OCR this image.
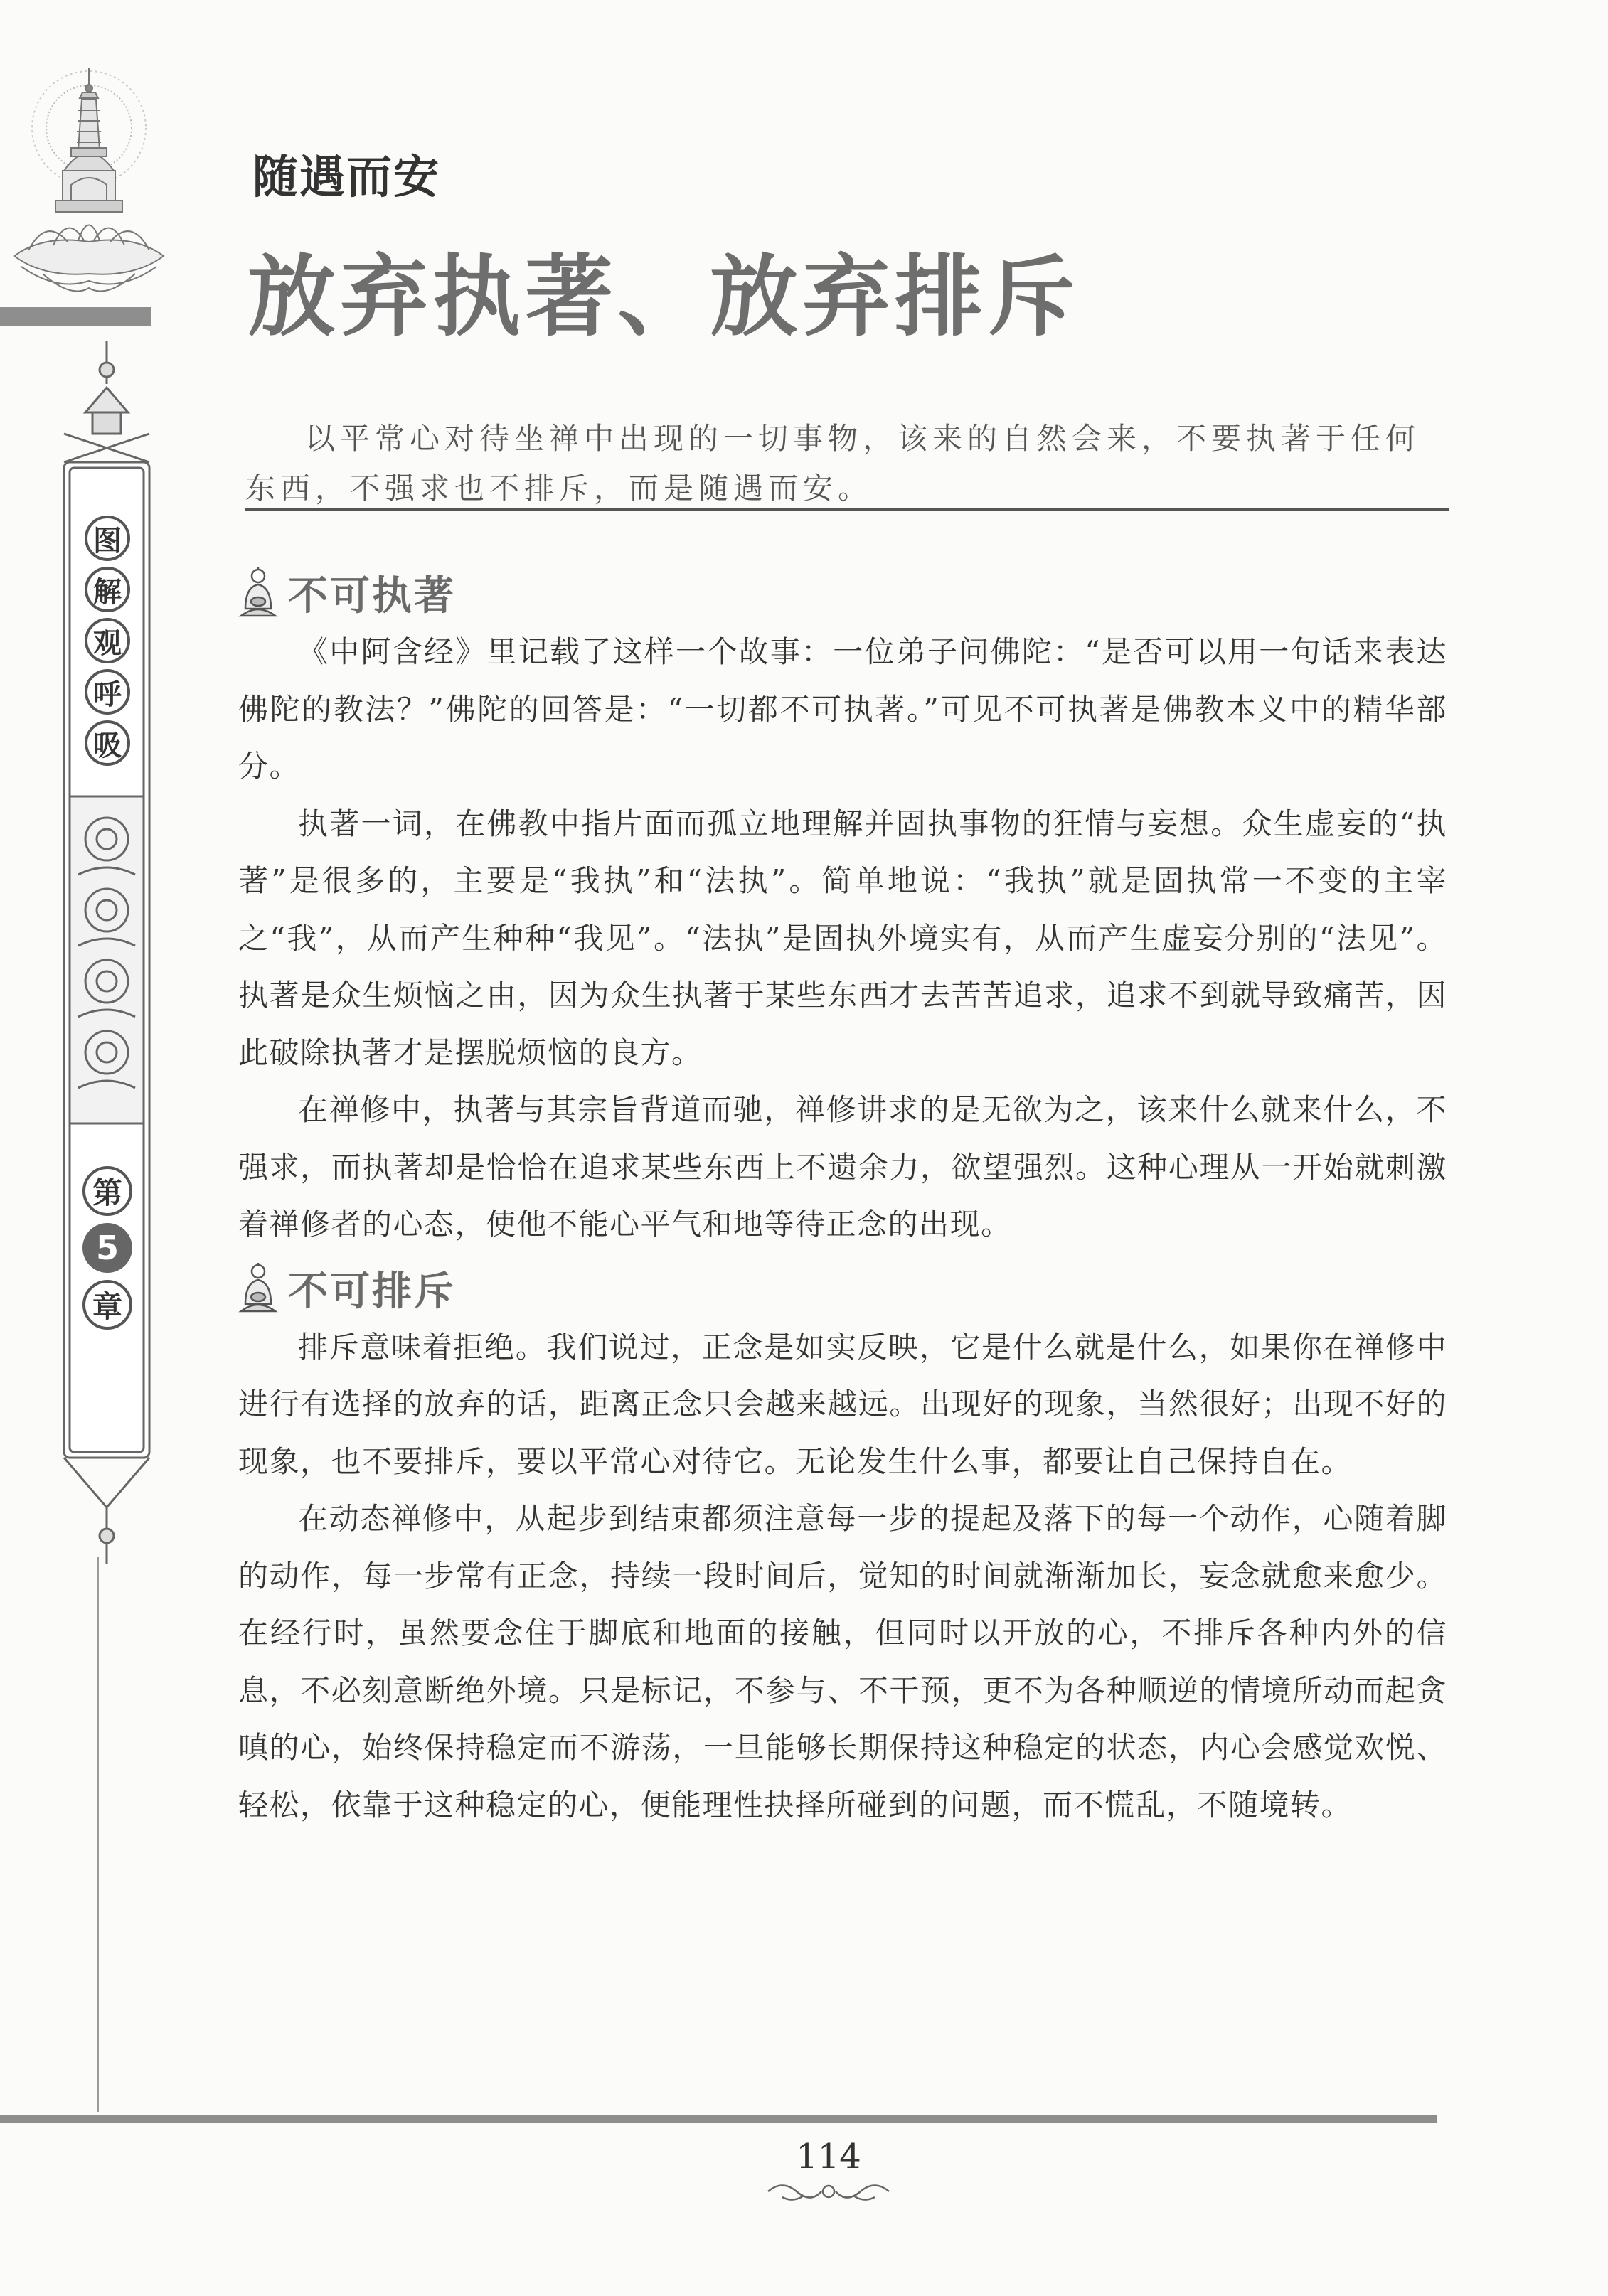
图
解
观
呼
吸
第
5
章
随遇而安
放弃执著、放弃排斥

以平常心对待坐禅中出现的一切事物，该来的自然会来，不要执著于任何东西，不强求也不排斥，而是随遇而安。

不可执著

《中阿含经》里记载了这样一个故事：一位弟子问佛陀：“是否可以用一句话来表达佛陀的教法？”佛陀的回答是：“一切都不可执著。”可见不可执著是佛教本义中的精华部分。

执著一词，在佛教中指片面而孤立地理解并固执事物的狂情与妄想。众生虚妄的“执著”是很多的，主要是“我执”和“法执”。简单地说：“我执”就是固执常一不变的主宰之“我”，从而产生种种“我见”。“法执”是固执外境实有，从而产生虚妄分别的“法见”。执著是众生烦恼之由，因为众生执著于某些东西才去苦苦追求，追求不到就导致痛苦，因此破除执著才是摆脱烦恼的良方。

在禅修中，执著与其宗旨背道而驰，禅修讲求的是无欲为之，该来什么就来什么，不强求，而执著却是恰恰在追求某些东西上不遗余力，欲望强烈。这种心理从一开始就刺激着禅修者的心态，使他不能心平气和地等待正念的出现。

不可排斥

排斥意味着拒绝。我们说过，正念是如实反映，它是什么就是什么，如果你在禅修中进行有选择的放弃的话，距离正念只会越来越远。出现好的现象，当然很好；出现不好的现象，也不要排斥，要以平常心对待它。无论发生什么事，都要让自己保持自在。

在动态禅修中，从起步到结束都须注意每一步的提起及落下的每一个动作，心随着脚的动作，每一步常有正念，持续一段时间后，觉知的时间就渐渐加长，妄念就愈来愈少。在经行时，虽然要念住于脚底和地面的接触，但同时以开放的心，不排斥各种内外的信息，不必刻意断绝外境。只是标记，不参与、不干预，更不为各种顺逆的情境所动而起贪嗔的心，始终保持稳定而不游荡，一旦能够长期保持这种稳定的状态，内心会感觉欢悦、轻松，依靠于这种稳定的心，便能理性抉择所碰到的问题，而不慌乱，不随境转。

114
